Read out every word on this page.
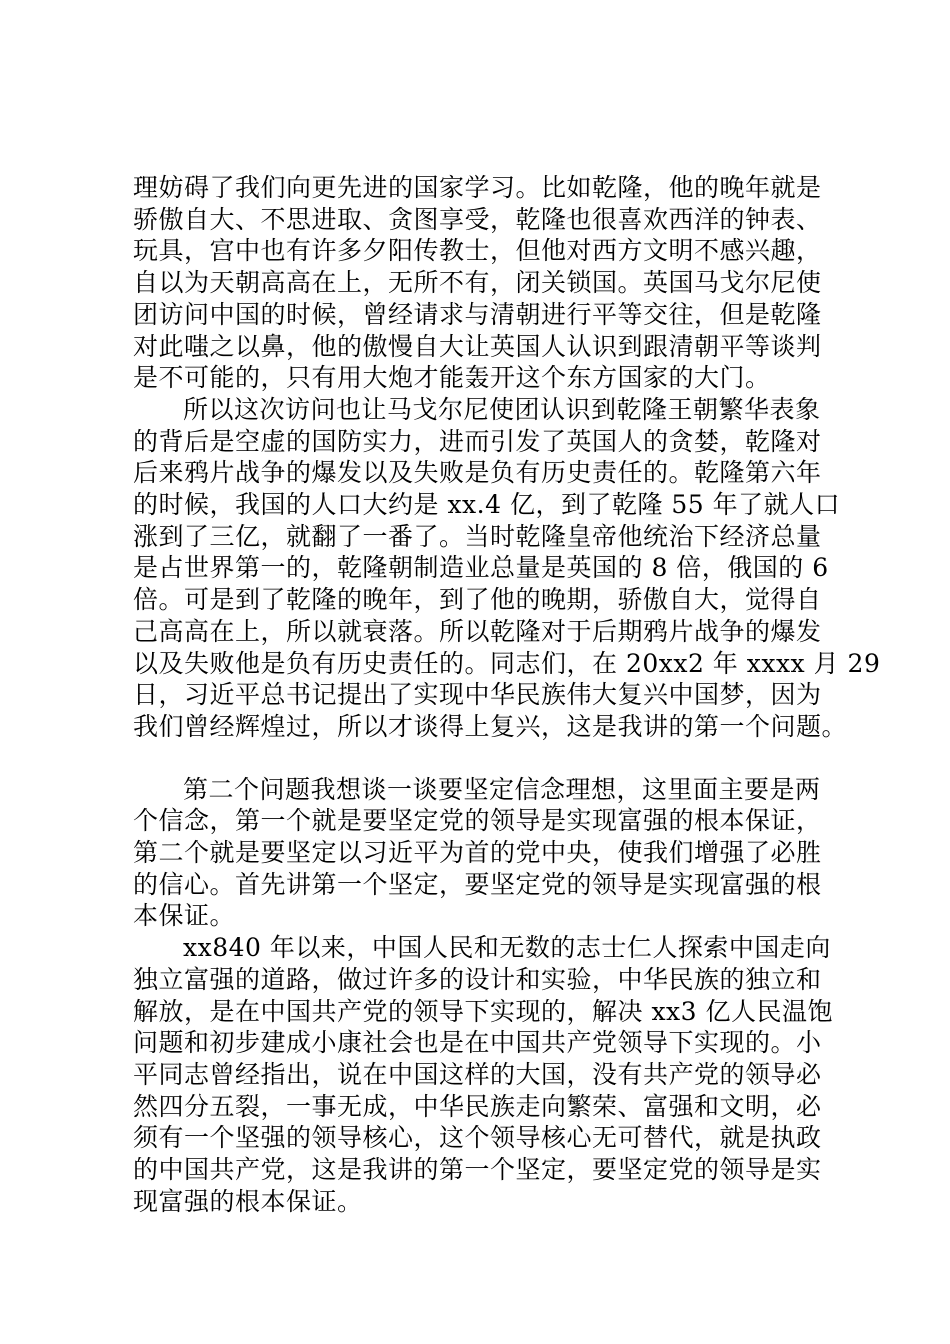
理妨碍了我们向更先进的国家学习。比如乾隆，他的晚年就是
骄傲自大、不思进取、贪图享受，乾隆也很喜欢西洋的钟表、
玩具，宫中也有许多夕阳传教士，但他对西方文明不感兴趣，
自以为天朝高高在上，无所不有，闭关锁国。英国马戈尔尼使
团访问中国的时候，曾经请求与清朝进行平等交往，但是乾隆
对此嗤之以鼻，他的傲慢自大让英国人认识到跟清朝平等谈判
是不可能的，只有用大炮才能轰开这个东方国家的大门。
所以这次访问也让马戈尔尼使团认识到乾隆王朝繁华表象
的背后是空虚的国防实力，进而引发了英国人的贪婪，乾隆对
后来鸦片战争的爆发以及失败是负有历史责任的。乾隆第六年
的时候，我国的人口大约是 xx.4 亿，到了乾隆 55 年了就人口
涨到了三亿，就翻了一番了。当时乾隆皇帝他统治下经济总量
是占世界第一的，乾隆朝制造业总量是英国的 8 倍，俄国的 6
倍。可是到了乾隆的晚年，到了他的晚期，骄傲自大，觉得自
己高高在上，所以就衰落。所以乾隆对于后期鸦片战争的爆发
以及失败他是负有历史责任的。同志们，在 20xx2 年 xxxx 月 29
日，习近平总书记提出了实现中华民族伟大复兴中国梦，因为
我们曾经辉煌过，所以才谈得上复兴，这是我讲的第一个问题。
第二个问题我想谈一谈要坚定信念理想，这里面主要是两
个信念，第一个就是要坚定党的领导是实现富强的根本保证，
第二个就是要坚定以习近平为首的党中央，使我们增强了必胜
的信心。首先讲第一个坚定，要坚定党的领导是实现富强的根
本保证。
xx840 年以来，中国人民和无数的志士仁人探索中国走向
独立富强的道路，做过许多的设计和实验，中华民族的独立和
解放，是在中国共产党的领导下实现的，解决 xx3 亿人民温饱
问题和初步建成小康社会也是在中国共产党领导下实现的。小
平同志曾经指出，说在中国这样的大国，没有共产党的领导必
然四分五裂，一事无成，中华民族走向繁荣、富强和文明，必
须有一个坚强的领导核心，这个领导核心无可替代，就是执政
的中国共产党，这是我讲的第一个坚定，要坚定党的领导是实
现富强的根本保证。
